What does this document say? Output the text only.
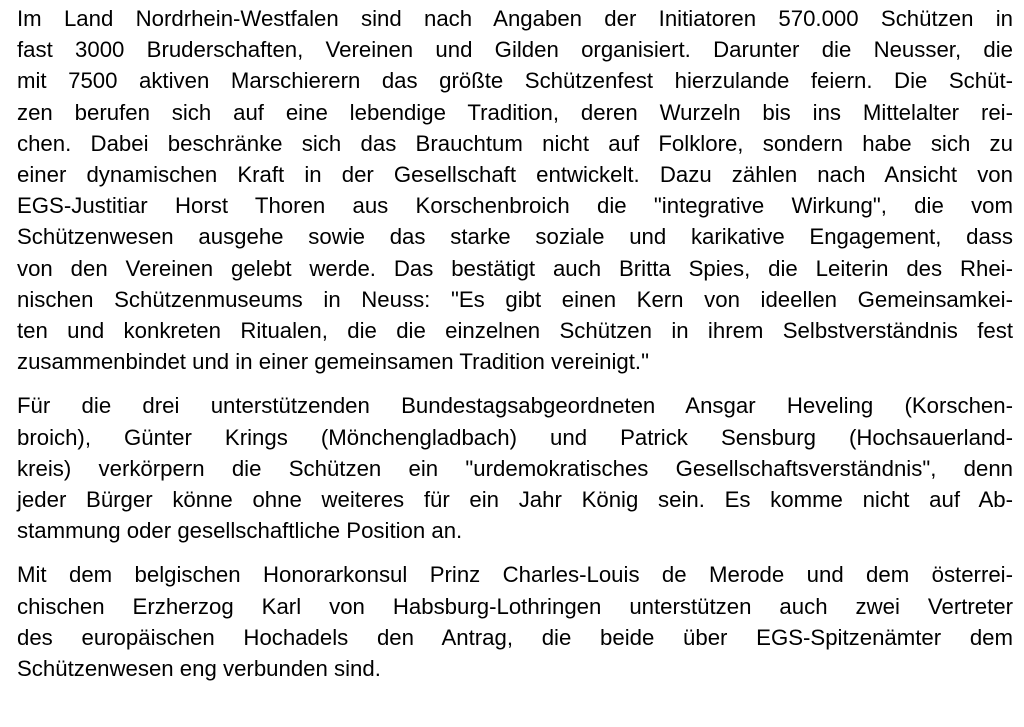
Im Land Nordrhein-Westfalen sind nach Angaben der Initiatoren 570.000 Schützen in
fast 3000 Bruderschaften, Vereinen und Gilden organisiert. Darunter die Neusser, die
mit 7500 aktiven Marschierern das größte Schützenfest hierzulande feiern. Die Schüt-
zen berufen sich auf eine lebendige Tradition, deren Wurzeln bis ins Mittelalter rei-
chen. Dabei beschränke sich das Brauchtum nicht auf Folklore, sondern habe sich zu
einer dynamischen Kraft in der Gesellschaft entwickelt. Dazu zählen nach Ansicht von
EGS-Justitiar Horst Thoren aus Korschenbroich die "integrative Wirkung", die vom
Schützenwesen ausgehe sowie das starke soziale und karikative Engagement, dass
von den Vereinen gelebt werde. Das bestätigt auch Britta Spies, die Leiterin des Rhei-
nischen Schützenmuseums in Neuss: "Es gibt einen Kern von ideellen Gemeinsamkei-
ten und konkreten Ritualen, die die einzelnen Schützen in ihrem Selbstverständnis fest
zusammenbindet und in einer gemeinsamen Tradition vereinigt."
Für die drei unterstützenden Bundestagsabgeordneten Ansgar Heveling (Korschen-
broich), Günter Krings (Mönchengladbach) und Patrick Sensburg (Hochsauerland-
kreis) verkörpern die Schützen ein "urdemokratisches Gesellschaftsverständnis", denn
jeder Bürger könne ohne weiteres für ein Jahr König sein. Es komme nicht auf Ab-
stammung oder gesellschaftliche Position an.
Mit dem belgischen Honorarkonsul Prinz Charles-Louis de Merode und dem österrei-
chischen Erzherzog Karl von Habsburg-Lothringen unterstützen auch zwei Vertreter
des europäischen Hochadels den Antrag, die beide über EGS-Spitzenämter dem
Schützenwesen eng verbunden sind.
